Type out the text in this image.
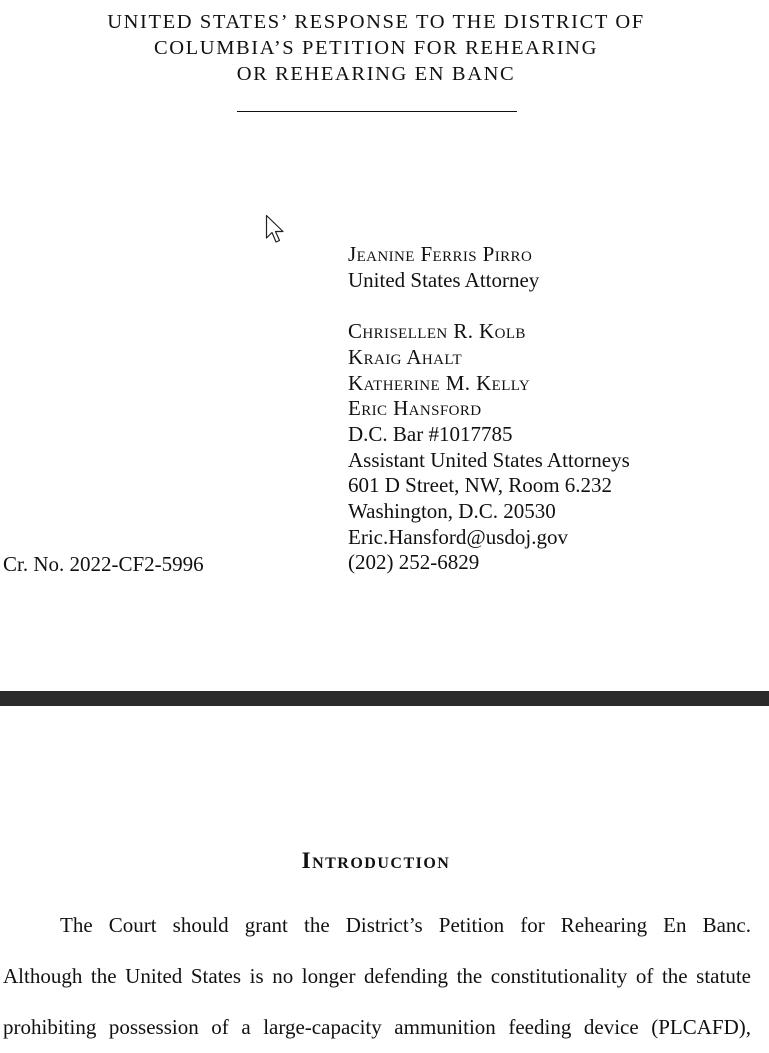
UNITED STATES’ RESPONSE TO THE DISTRICT OF
COLUMBIA’S PETITION FOR REHEARING
OR REHEARING EN BANC
Jeanine Ferris Pirro
United States Attorney
Chrisellen R. Kolb
Kraig Ahalt
Katherine M. Kelly
Eric Hansford
D.C. Bar #1017785
Assistant United States Attorneys
601 D Street, NW, Room 6.232
Washington, D.C. 20530
Eric.Hansford@usdoj.gov
(202) 252-6829
Cr. No. 2022-CF2-5996
Introduction
The Court should grant the District’s Petition for Rehearing En Banc.
Although the United States is no longer defending the constitutionality of the statute
prohibiting possession of a large-capacity ammunition feeding device (PLCAFD),
